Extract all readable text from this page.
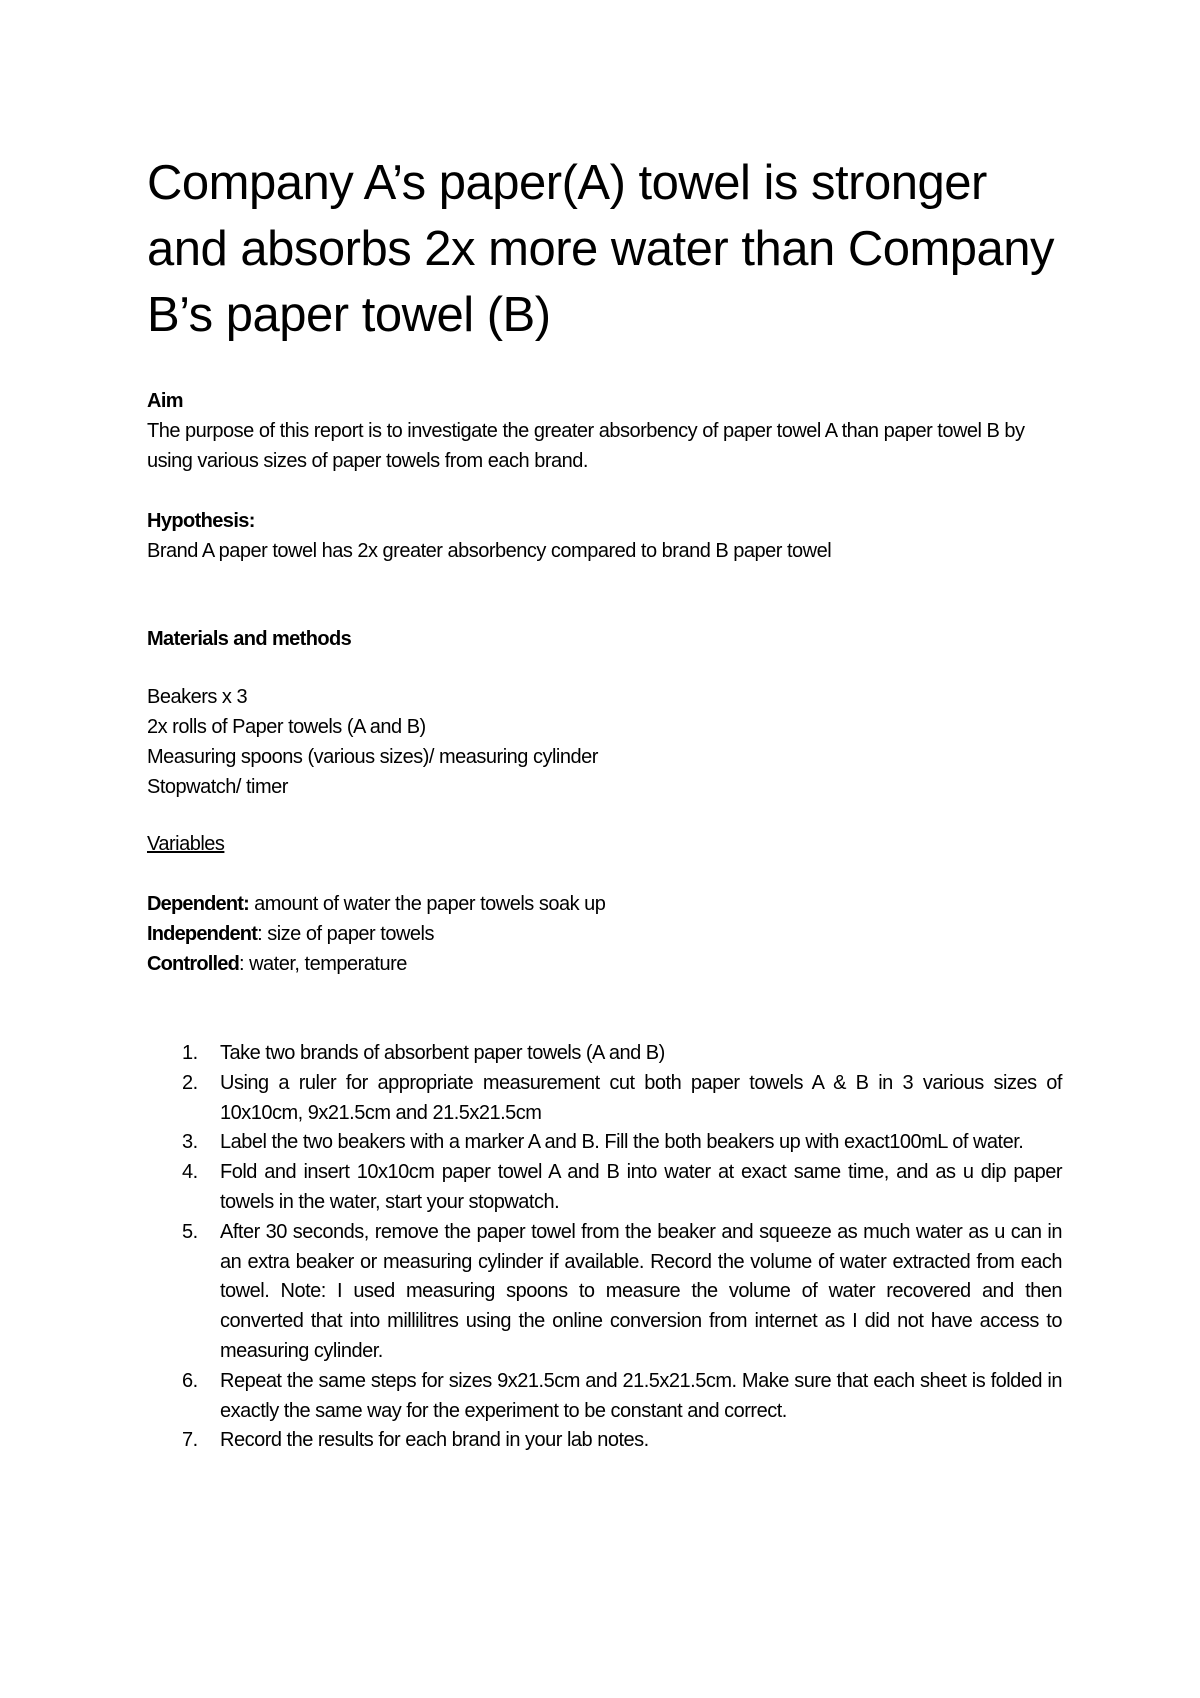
Company A’s paper(A) towel is stronger and absorbs 2x more water than Company B’s paper towel (B)

Aim

The purpose of this report is to investigate the greater absorbency of paper towel A than paper towel B by using various sizes of paper towels from each brand.

Hypothesis:

Brand A paper towel has 2x greater absorbency compared to brand B paper towel

Materials and methods

Beakers x 3
2x rolls of Paper towels (A and B)
Measuring spoons (various sizes)/ measuring cylinder
Stopwatch/ timer

Variables

Dependent: amount of water the paper towels soak up

Independent: size of paper towels

Controlled: water, temperature

1. Take two brands of absorbent paper towels (A and B)
2. Using a ruler for appropriate measurement cut both paper towels A & B in 3 various sizes of 10x10cm, 9x21.5cm and 21.5x21.5cm
3. Label the two beakers with a marker A and B. Fill the both beakers up with exact100mL of water.
4. Fold and insert 10x10cm paper towel A and B into water at exact same time, and as u dip paper towels in the water, start your stopwatch.
5. After 30 seconds, remove the paper towel from the beaker and squeeze as much water as u can in an extra beaker or measuring cylinder if available. Record the volume of water extracted from each towel. Note: I used measuring spoons to measure the volume of water recovered and then converted that into millilitres using the online conversion from internet as I did not have access to measuring cylinder.
6. Repeat the same steps for sizes 9x21.5cm and 21.5x21.5cm. Make sure that each sheet is folded in exactly the same way for the experiment to be constant and correct.
7. Record the results for each brand in your lab notes.
